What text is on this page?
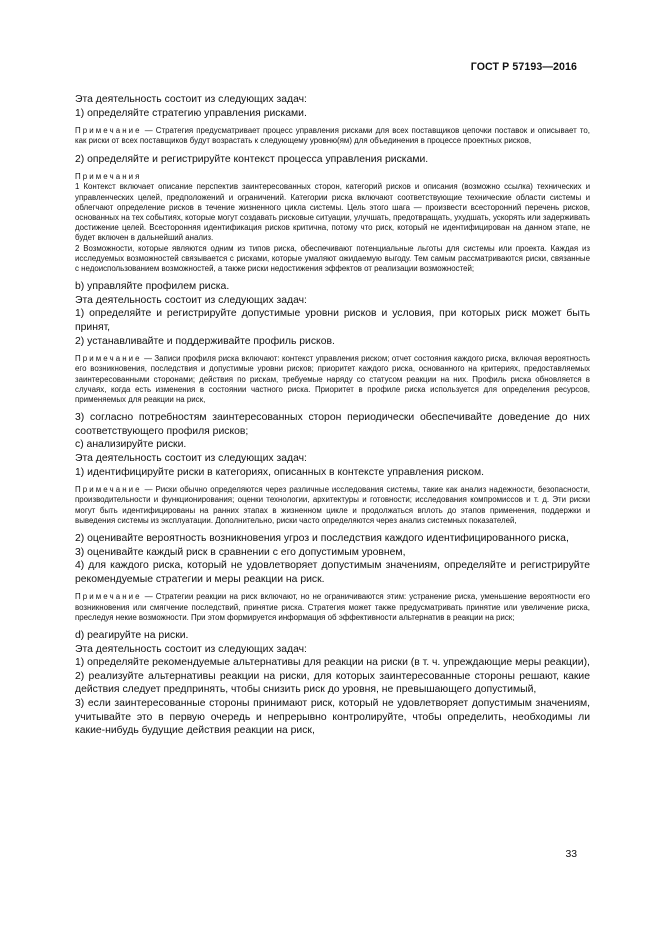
ГОСТ Р 57193—2016

Эта деятельность состоит из следующих задач:

1) определяйте стратегию управления рисками.

Примечание — Стратегия предусматривает процесс управления рисками для всех поставщиков цепочки поставок и описывает то, как риски от всех поставщиков будут возрастать к следующему уровню(ям) для объединения в процессе проектных рисков,

2) определяйте и регистрируйте контекст процесса управления рисками.

Примечания

1 Контекст включает описание перспектив заинтересованных сторон, категорий рисков и описания (возможно ссылка) технических и управленческих целей, предположений и ограничений. Категории риска включают соответствующие технические области системы и облегчают определение рисков в течение жизненного цикла системы. Цель этого шага — произвести всесторонний перечень рисков, основанных на тех событиях, которые могут создавать рисковые ситуации, улучшать, предотвращать, ухудшать, ускорять или задерживать достижение целей. Всесторонняя идентификация рисков критична, потому что риск, который не идентифицирован на данном этапе, не будет включен в дальнейший анализ.

2 Возможности, которые являются одним из типов риска, обеспечивают потенциальные льготы для системы или проекта. Каждая из исследуемых возможностей связывается с рисками, которые умаляют ожидаемую выгоду. Тем самым рассматриваются риски, связанные с недоиспользованием возможностей, а также риски недостижения эффектов от реализации возможностей;

b) управляйте профилем риска.

Эта деятельность состоит из следующих задач:

1) определяйте и регистрируйте допустимые уровни рисков и условия, при которых риск может быть принят,

2) устанавливайте и поддерживайте профиль рисков.

Примечание — Записи профиля риска включают: контекст управления риском; отчет состояния каждого риска, включая вероятность его возникновения, последствия и допустимые уровни рисков; приоритет каждого риска, основанного на критериях, предоставляемых заинтересованными сторонами; действия по рискам, требуемые наряду со статусом реакции на них. Профиль риска обновляется в случаях, когда есть изменения в состоянии частного риска. Приоритет в профиле риска используется для определения ресурсов, применяемых для реакции на риск,

3) согласно потребностям заинтересованных сторон периодически обеспечивайте доведение до них соответствующего профиля рисков;

с) анализируйте риски.

Эта деятельность состоит из следующих задач:

1) идентифицируйте риски в категориях, описанных в контексте управления риском.

Примечание — Риски обычно определяются через различные исследования системы, такие как анализ надежности, безопасности, производительности и функционирования; оценки технологии, архитектуры и готовности; исследования компромиссов и т. д. Эти риски могут быть идентифицированы на ранних этапах в жизненном цикле и продолжаться вплоть до этапов применения, поддержки и выведения системы из эксплуатации. Дополнительно, риски часто определяются через анализ системных показателей,

2) оценивайте вероятность возникновения угроз и последствия каждого идентифицированного риска,

3) оценивайте каждый риск в сравнении с его допустимым уровнем,

4) для каждого риска, который не удовлетворяет допустимым значениям, определяйте и регистрируйте рекомендуемые стратегии и меры реакции на риск.

Примечание — Стратегии реакции на риск включают, но не ограничиваются этим: устранение риска, уменьшение вероятности его возникновения или смягчение последствий, принятие риска. Стратегия может также предусматривать принятие или увеличение риска, преследуя некие возможности. При этом формируется информация об эффективности альтернатив в реакции на риск;

d) реагируйте на риски.

Эта деятельность состоит из следующих задач:

1) определяйте рекомендуемые альтернативы для реакции на риски (в т. ч. упреждающие меры реакции),

2) реализуйте альтернативы реакции на риски, для которых заинтересованные стороны решают, какие действия следует предпринять, чтобы снизить риск до уровня, не превышающего допустимый,

3) если заинтересованные стороны принимают риск, который не удовлетворяет допустимым значениям, учитывайте это в первую очередь и непрерывно контролируйте, чтобы определить, необходимы ли какие-нибудь будущие действия реакции на риск,

33
